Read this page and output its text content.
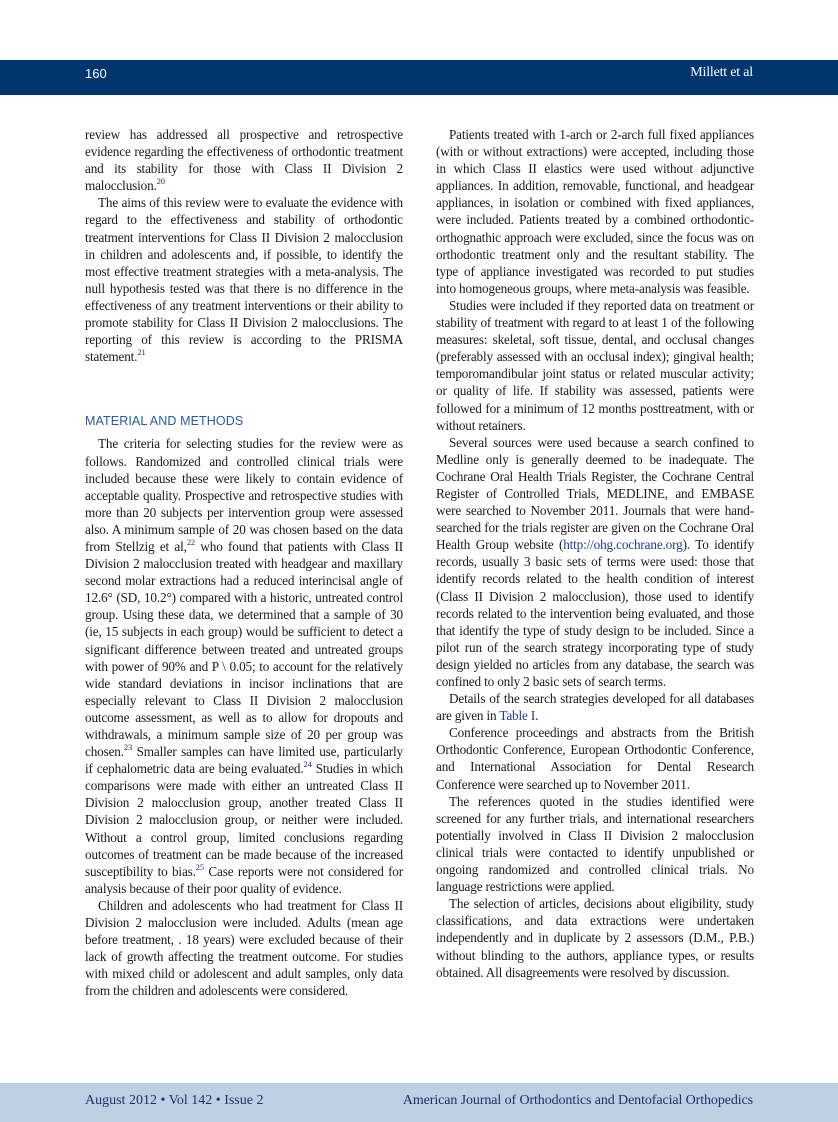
160	Millett et al

review has addressed all prospective and retrospective evidence regarding the effectiveness of orthodontic treatment and its stability for those with Class II Division 2 malocclusion.$^{20}$

The aims of this review were to evaluate the evidence with regard to the effectiveness and stability of orthodontic treatment interventions for Class II Division 2 malocclusion in children and adolescents and, if possible, to identify the most effective treatment strategies with a meta-analysis. The null hypothesis tested was that there is no difference in the effectiveness of any treatment interventions or their ability to promote stability for Class II Division 2 malocclusions. The reporting of this review is according to the PRISMA statement.$^{21}$

MATERIAL AND METHODS

The criteria for selecting studies for the review were as follows. Randomized and controlled clinical trials were included because these were likely to contain evidence of acceptable quality. Prospective and retrospective studies with more than 20 subjects per intervention group were assessed also. A minimum sample of 20 was chosen based on the data from Stellzig et al,$^{22}$ who found that patients with Class II Division 2 malocclusion treated with headgear and maxillary second molar extractions had a reduced interincisal angle of 12.6° (SD, 10.2°) compared with a historic, untreated control group. Using these data, we determined that a sample of 30 (ie, 15 subjects in each group) would be sufficient to detect a significant difference between treated and untreated groups with power of 90% and P \ 0.05; to account for the relatively wide standard deviations in incisor inclinations that are especially relevant to Class II Division 2 malocclusion outcome assessment, as well as to allow for dropouts and withdrawals, a minimum sample size of 20 per group was chosen.$^{23}$ Smaller samples can have limited use, particularly if cephalometric data are being evaluated.$^{24}$ Studies in which comparisons were made with either an untreated Class II Division 2 malocclusion group, another treated Class II Division 2 malocclusion group, or neither were included. Without a control group, limited conclusions regarding outcomes of treatment can be made because of the increased susceptibility to bias.$^{25}$ Case reports were not considered for analysis because of their poor quality of evidence.

Children and adolescents who had treatment for Class II Division 2 malocclusion were included. Adults (mean age before treatment, . 18 years) were excluded because of their lack of growth affecting the treatment outcome. For studies with mixed child or adolescent and adult samples, only data from the children and adolescents were considered.

Patients treated with 1-arch or 2-arch full fixed appliances (with or without extractions) were accepted, including those in which Class II elastics were used without adjunctive appliances. In addition, removable, functional, and headgear appliances, in isolation or combined with fixed appliances, were included. Patients treated by a combined orthodontic-orthognathic approach were excluded, since the focus was on orthodontic treatment only and the resultant stability. The type of appliance investigated was recorded to put studies into homogeneous groups, where meta-analysis was feasible.

Studies were included if they reported data on treatment or stability of treatment with regard to at least 1 of the following measures: skeletal, soft tissue, dental, and occlusal changes (preferably assessed with an occlusal index); gingival health; temporomandibular joint status or related muscular activity; or quality of life. If stability was assessed, patients were followed for a minimum of 12 months posttreatment, with or without retainers.

Several sources were used because a search confined to Medline only is generally deemed to be inadequate. The Cochrane Oral Health Trials Register, the Cochrane Central Register of Controlled Trials, MEDLINE, and EMBASE were searched to November 2011. Journals that were hand-searched for the trials register are given on the Cochrane Oral Health Group website (http://ohg.cochrane.org). To identify records, usually 3 basic sets of terms were used: those that identify records related to the health condition of interest (Class II Division 2 malocclusion), those used to identify records related to the intervention being evaluated, and those that identify the type of study design to be included. Since a pilot run of the search strategy incorporating type of study design yielded no articles from any database, the search was confined to only 2 basic sets of search terms.

Details of the search strategies developed for all databases are given in Table I.

Conference proceedings and abstracts from the British Orthodontic Conference, European Orthodontic Conference, and International Association for Dental Research Conference were searched up to November 2011.

The references quoted in the studies identified were screened for any further trials, and international researchers potentially involved in Class II Division 2 malocclusion clinical trials were contacted to identify unpublished or ongoing randomized and controlled clinical trials. No language restrictions were applied.

The selection of articles, decisions about eligibility, study classifications, and data extractions were undertaken independently and in duplicate by 2 assessors (D.M., P.B.) without blinding to the authors, appliance types, or results obtained. All disagreements were resolved by discussion.

August 2012 • Vol 142 • Issue 2	American Journal of Orthodontics and Dentofacial Orthopedics
